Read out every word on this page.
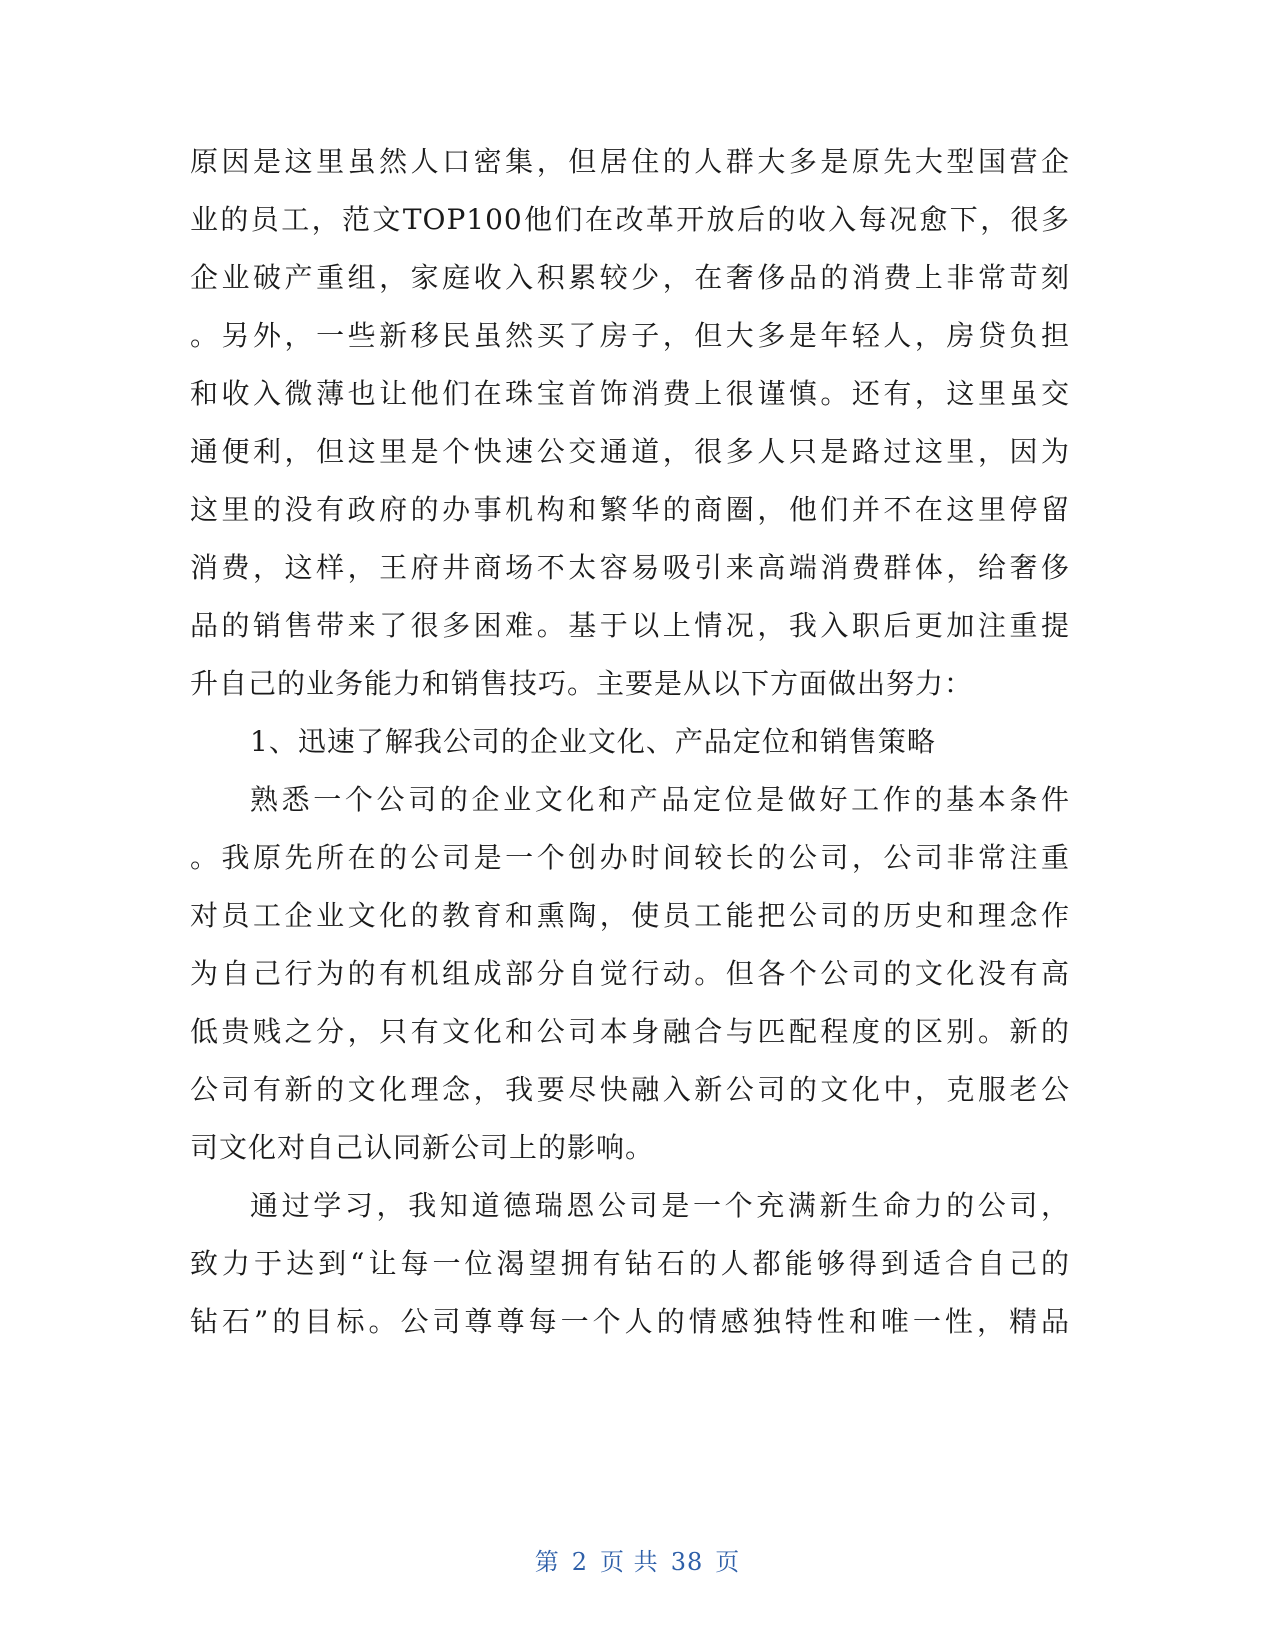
原因是这里虽然人口密集，但居住的人群大多是原先大型国营企
业的员工，范文TOP100他们在改革开放后的收入每况愈下，很多
企业破产重组，家庭收入积累较少，在奢侈品的消费上非常苛刻
。另外，一些新移民虽然买了房子，但大多是年轻人，房贷负担
和收入微薄也让他们在珠宝首饰消费上很谨慎。还有，这里虽交
通便利，但这里是个快速公交通道，很多人只是路过这里，因为
这里的没有政府的办事机构和繁华的商圈，他们并不在这里停留
消费，这样，王府井商场不太容易吸引来高端消费群体，给奢侈
品的销售带来了很多困难。基于以上情况，我入职后更加注重提
升自己的业务能力和销售技巧。主要是从以下方面做出努力：
1、迅速了解我公司的企业文化、产品定位和销售策略
熟悉一个公司的企业文化和产品定位是做好工作的基本条件
。我原先所在的公司是一个创办时间较长的公司，公司非常注重
对员工企业文化的教育和熏陶，使员工能把公司的历史和理念作
为自己行为的有机组成部分自觉行动。但各个公司的文化没有高
低贵贱之分，只有文化和公司本身融合与匹配程度的区别。新的
公司有新的文化理念，我要尽快融入新公司的文化中，克服老公
司文化对自己认同新公司上的影响。
通过学习，我知道德瑞恩公司是一个充满新生命力的公司，
致力于达到“让每一位渴望拥有钻石的人都能够得到适合自己的
钻石”的目标。公司尊尊每一个人的情感独特性和唯一性，精品
第 2 页 共 38 页
